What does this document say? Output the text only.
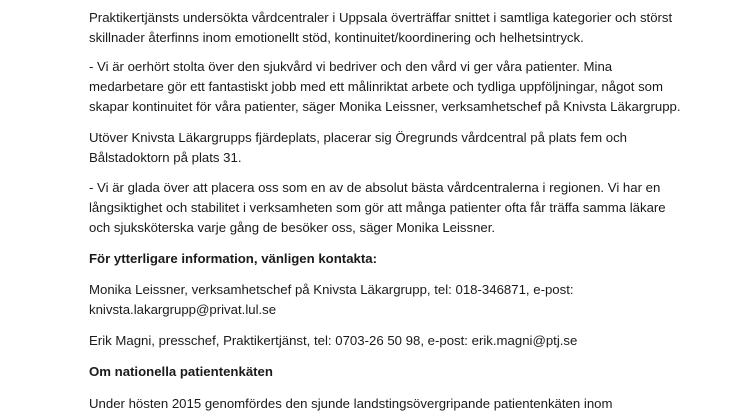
Praktikertjänsts undersökta vårdcentraler i Uppsala överträffar snittet i samtliga kategorier och störst

skillnader återfinns inom emotionellt stöd, kontinuitet/koordinering och helhetsintryck.

- Vi är oerhört stolta över den sjukvård vi bedriver och den vård vi ger våra patienter. Mina

medarbetare gör ett fantastiskt jobb med ett målinriktat arbete och tydliga uppföljningar, något som

skapar kontinuitet för våra patienter, säger Monika Leissner, verksamhetschef på Knivsta Läkargrupp.

Utöver Knivsta Läkargrupps fjärdeplats, placerar sig Öregrunds vårdcentral på plats fem och

Bålstadoktorn på plats 31.

- Vi är glada över att placera oss som en av de absolut bästa vårdcentralerna i regionen. Vi har en

långsiktighet och stabilitet i verksamheten som gör att många patienter ofta får träffa samma läkare

och sjuksköterska varje gång de besöker oss, säger Monika Leissner.

För ytterligare information, vänligen kontakta:

Monika Leissner, verksamhetschef på Knivsta Läkargrupp, tel: 018-346871, e-post:

knivsta.lakargrupp@privat.lul.se

Erik Magni, presschef, Praktikertjänst, tel: 0703-26 50 98, e-post: erik.magni@ptj.se

Om nationella patientenkäten

Under hösten 2015 genomfördes den sjunde landstingsövergripande patientenkäten inom
